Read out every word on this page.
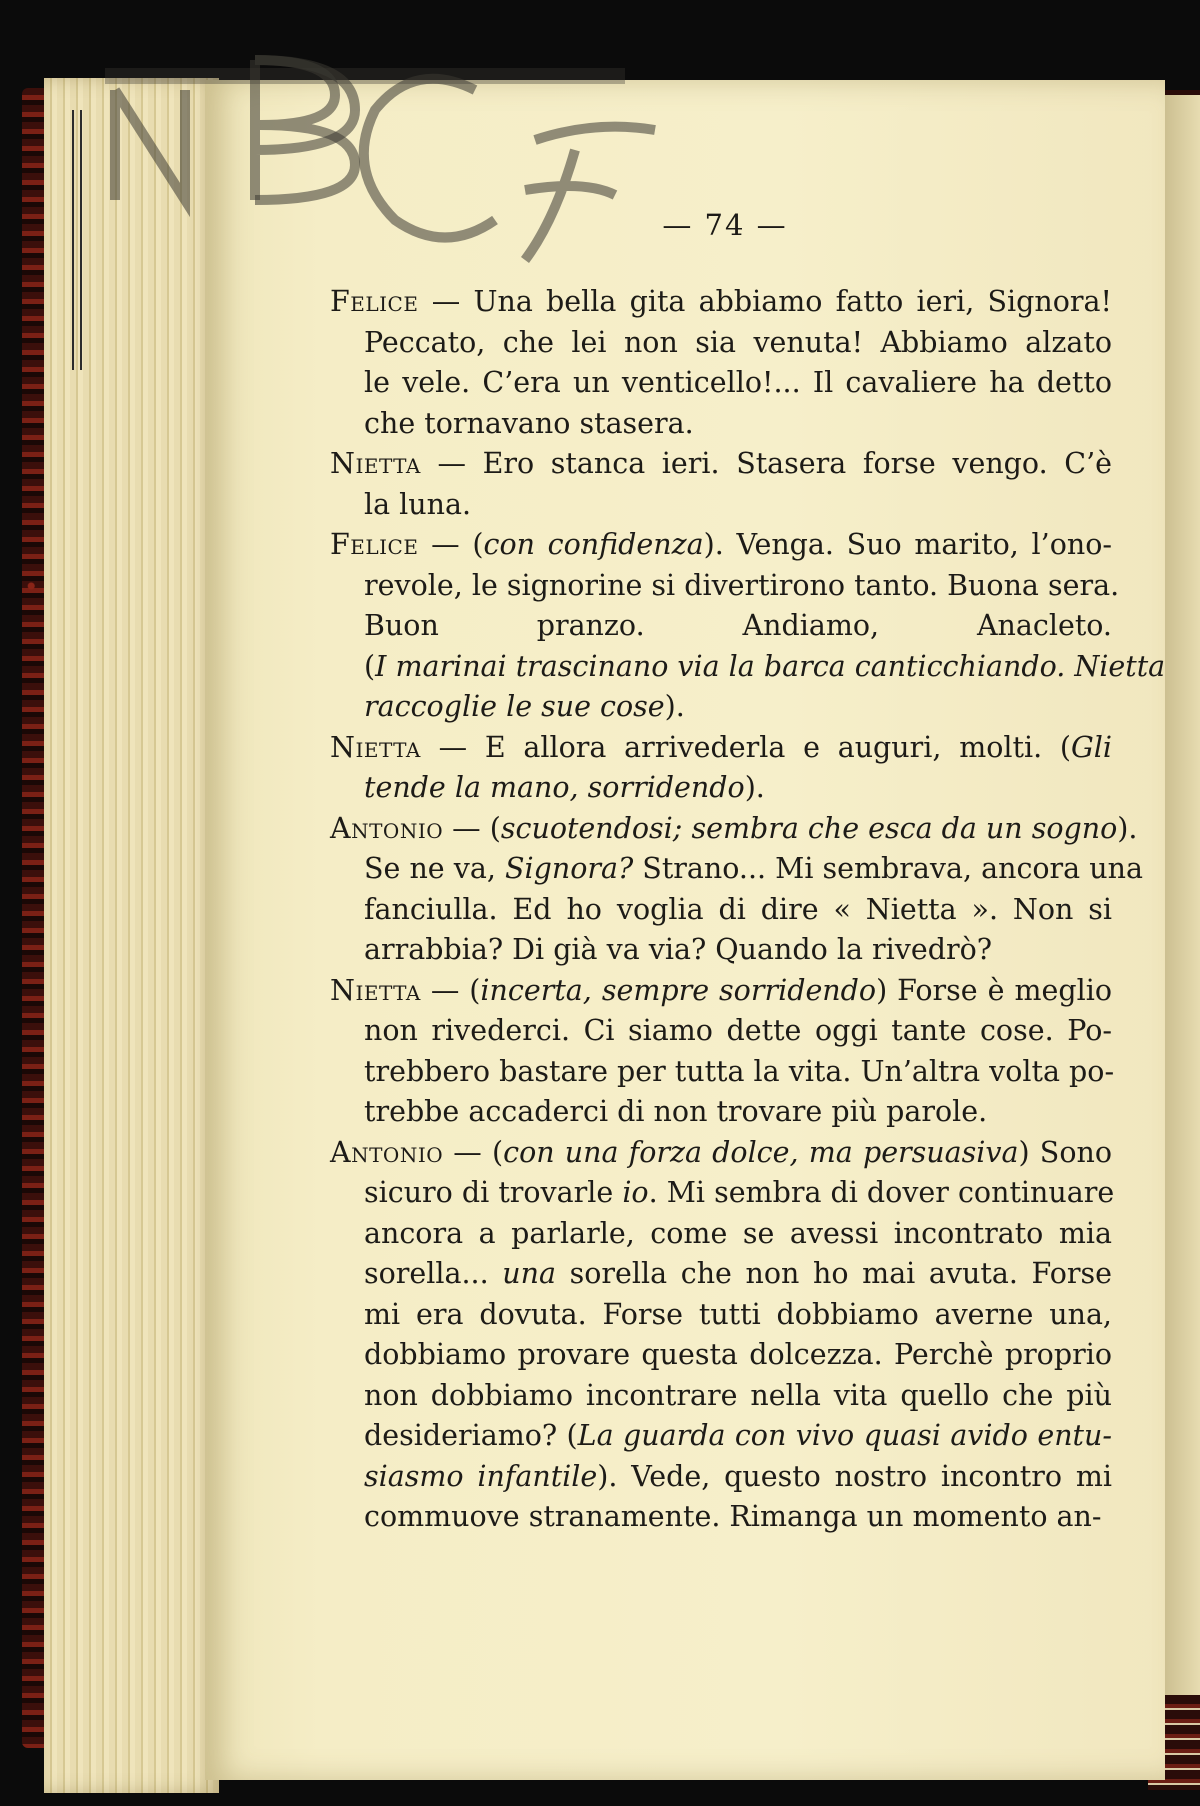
— 74 —
Felice — Una bella gita abbiamo fatto ieri, Signora!
Peccato, che lei non sia venuta! Abbiamo alzato
le vele. C’era un venticello!... Il cavaliere ha detto
che tornavano stasera.
Nietta — Ero stanca ieri. Stasera forse vengo. C’è
la luna.
Felice — (con confidenza). Venga. Suo marito, l’ono-
revole, le signorine si divertirono tanto. Buona sera.
Buon pranzo. Andiamo, Anacleto.
(I marinai trascinano via la barca canticchiando. Nietta
raccoglie le sue cose).
Nietta — E allora arrivederla e auguri, molti. (Gli
tende la mano, sorridendo).
Antonio — (scuotendosi; sembra che esca da un sogno).
Se ne va, Signora? Strano... Mi sembrava, ancora una
fanciulla. Ed ho voglia di dire « Nietta ». Non si
arrabbia? Di già va via? Quando la rivedrò?
Nietta — (incerta, sempre sorridendo) Forse è meglio
non rivederci. Ci siamo dette oggi tante cose. Po-
trebbero bastare per tutta la vita. Un’altra volta po-
trebbe accaderci di non trovare più parole.
Antonio — (con una forza dolce, ma persuasiva) Sono
sicuro di trovarle io. Mi sembra di dover continuare
ancora a parlarle, come se avessi incontrato mia
sorella... una sorella che non ho mai avuta. Forse
mi era dovuta. Forse tutti dobbiamo averne una,
dobbiamo provare questa dolcezza. Perchè proprio
non dobbiamo incontrare nella vita quello che più
desideriamo? (La guarda con vivo quasi avido entu-
siasmo infantile). Vede, questo nostro incontro mi
commuove stranamente. Rimanga un momento an-
